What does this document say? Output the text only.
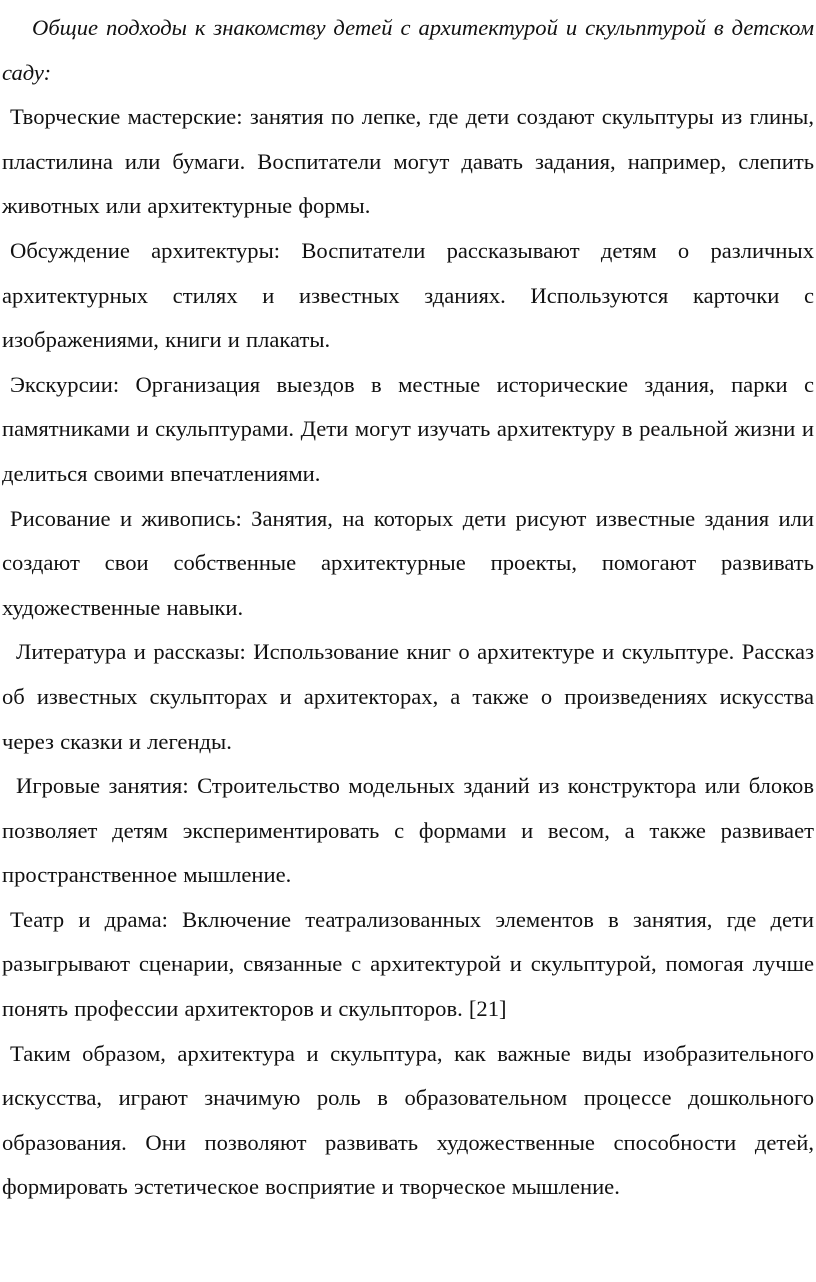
Общие подходы к знакомству детей с архитектурой и скульптурой в детском саду:

Творческие мастерские: занятия по лепке, где дети создают скульптуры из глины, пластилина или бумаги. Воспитатели могут давать задания, например, слепить животных или архитектурные формы.

Обсуждение архитектуры: Воспитатели рассказывают детям о различных архитектурных стилях и известных зданиях. Используются карточки с изображениями, книги и плакаты.

Экскурсии: Организация выездов в местные исторические здания, парки с памятниками и скульптурами. Дети могут изучать архитектуру в реальной жизни и делиться своими впечатлениями.

Рисование и живопись: Занятия, на которых дети рисуют известные здания или создают свои собственные архитектурные проекты, помогают развивать художественные навыки.

Литература и рассказы: Использование книг о архитектуре и скульптуре. Рассказ об известных скульпторах и архитекторах, а также о произведениях искусства через сказки и легенды.

Игровые занятия: Строительство модельных зданий из конструктора или блоков позволяет детям экспериментировать с формами и весом, а также развивает пространственное мышление.

Театр и драма: Включение театрализованных элементов в занятия, где дети разыгрывают сценарии, связанные с архитектурой и скульптурой, помогая лучше понять профессии архитекторов и скульпторов. [21]

Таким образом, архитектура и скульптура, как важные виды изобразительного искусства, играют значимую роль в образовательном процессе дошкольного образования. Они позволяют развивать художественные способности детей, формировать эстетическое восприятие и творческое мышление.
